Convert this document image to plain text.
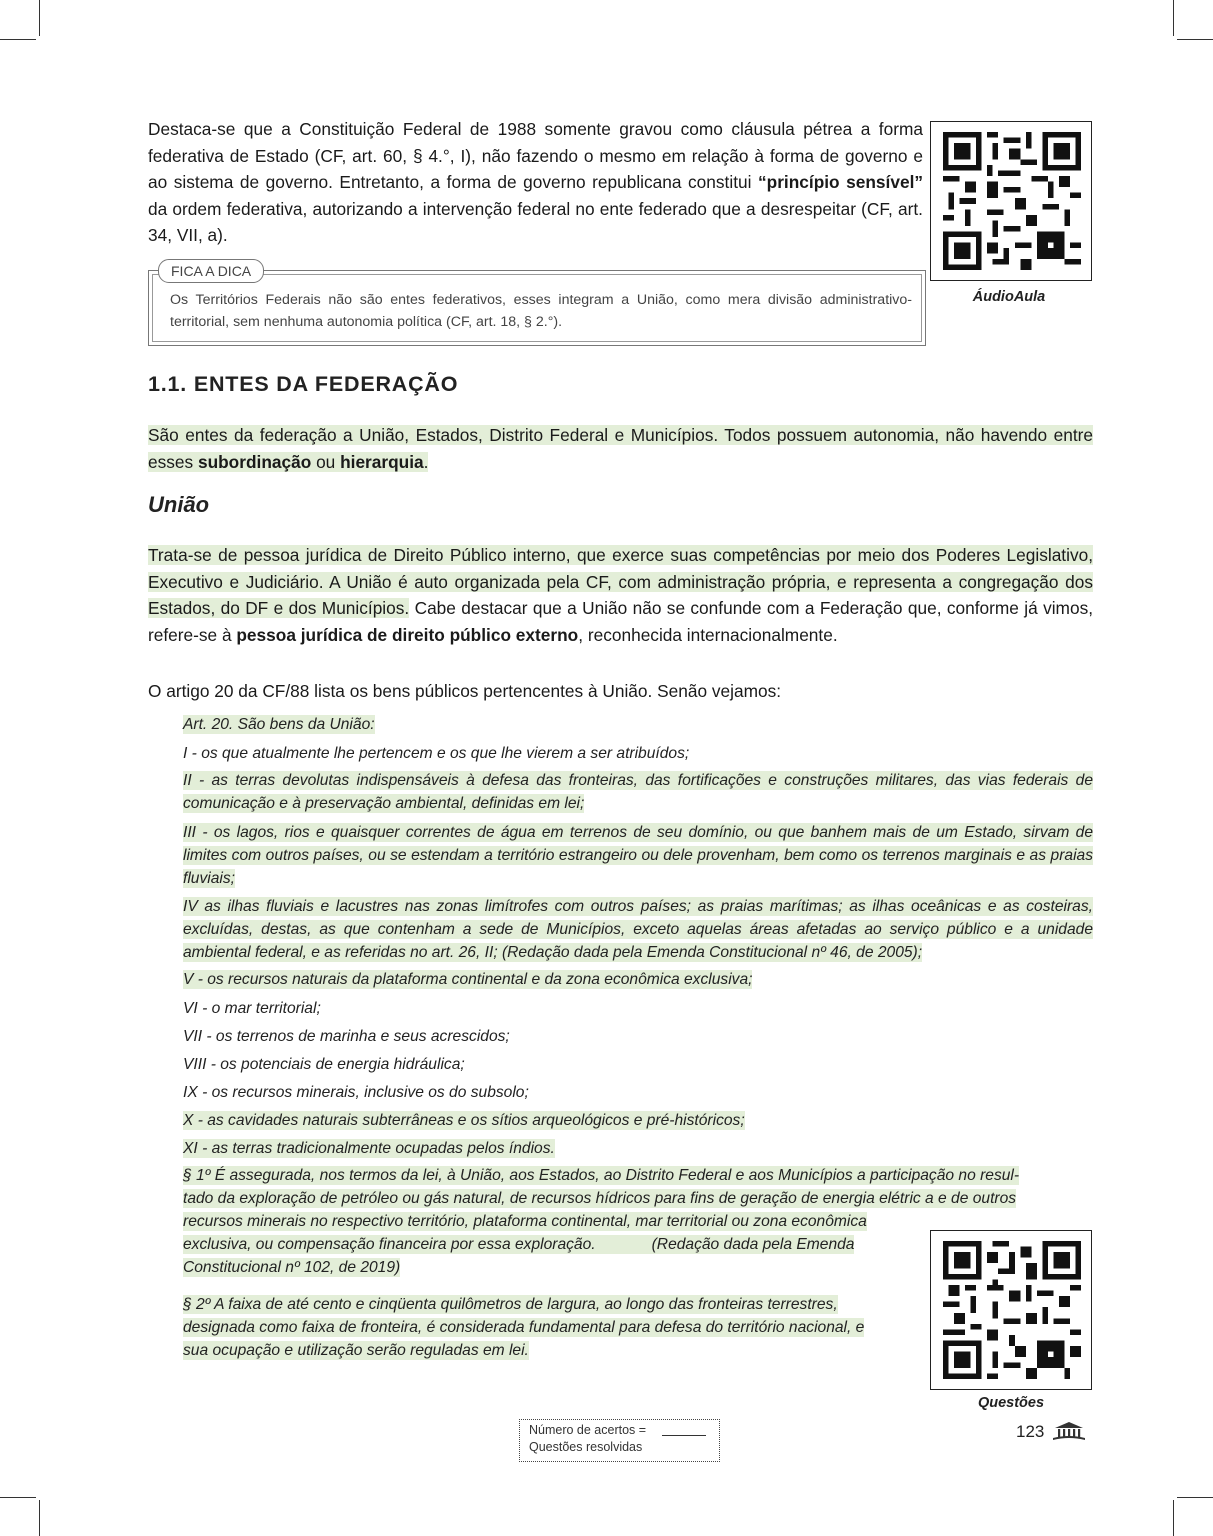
Destaca-se que a Constituição Federal de 1988 somente gravou como cláusula pétrea a forma federativa de Estado (CF, art. 60, § 4.°, I), não fazendo o mesmo em relação à forma de governo e ao sistema de governo. Entretanto, a forma de governo republicana constitui “princípio sensível” da ordem federativa, autorizando a intervenção federal no ente federado que a desrespeitar (CF, art. 34, VII, a).

ÁudioAula
FICA A DICA
Os Territórios Federais não são entes federativos, esses integram a União, como mera divisão administrativo-territorial, sem nenhuma autonomia política (CF, art. 18, § 2.°).
1.1. ENTES DA FEDERAÇÃO

São entes da federação a União, Estados, Distrito Federal e Municípios. Todos possuem autonomia, não havendo entre esses subordinação ou hierarquia.

União

Trata-se de pessoa jurídica de Direito Público interno, que exerce suas competências por meio dos Poderes Legislativo, Executivo e Judiciário. A União é auto organizada pela CF, com administração própria, e representa a congregação dos Estados, do DF e dos Municípios. Cabe destacar que a União não se confunde com a Federação que, conforme já vimos, refere-se à pessoa jurídica de direito público externo, reconhecida internacionalmente.

O artigo 20 da CF/88 lista os bens públicos pertencentes à União. Senão vejamos:

Art. 20. São bens da União:
I - os que atualmente lhe pertencem e os que lhe vierem a ser atribuídos;
II - as terras devolutas indispensáveis à defesa das fronteiras, das fortificações e construções militares, das vias federais de comunicação e à preservação ambiental, definidas em lei;
III - os lagos, rios e quaisquer correntes de água em terrenos de seu domínio, ou que banhem mais de um Estado, sirvam de limites com outros países, ou se estendam a território estrangeiro ou dele provenham, bem como os terrenos marginais e as praias fluviais;
IV as ilhas fluviais e lacustres nas zonas limítrofes com outros países; as praias marítimas; as ilhas oceânicas e as costeiras, excluídas, destas, as que contenham a sede de Municípios, exceto aquelas áreas afetadas ao serviço público e a unidade ambiental federal, e as referidas no art. 26, II; (Redação dada pela Emenda Constitucional nº 46, de 2005);
V - os recursos naturais da plataforma continental e da zona econômica exclusiva;
VI - o mar territorial;
VII - os terrenos de marinha e seus acrescidos;
VIII - os potenciais de energia hidráulica;
IX - os recursos minerais, inclusive os do subsolo;
X - as cavidades naturais subterrâneas e os sítios arqueológicos e pré-históricos;
XI - as terras tradicionalmente ocupadas pelos índios.
§ 1º É assegurada, nos termos da lei, à União, aos Estados, ao Distrito Federal e aos Municípios a participação no resul-
tado da exploração de petróleo ou gás natural, de recursos hídricos para fins de geração de energia elétric a e de outros
recursos minerais no respectivo território, plataforma continental, mar territorial ou zona econômica
exclusiva, ou compensação financeira por essa exploração.	(Redação dada pela Emenda
Constitucional nº 102, de 2019)
§ 2º A faixa de até cento e cinqüenta quilômetros de largura, ao longo das fronteiras terrestres,
designada como faixa de fronteira, é considerada fundamental para defesa do território nacional, e
sua ocupação e utilização serão reguladas em lei.
Questões
Número de acertos =
Questões resolvidas
123
